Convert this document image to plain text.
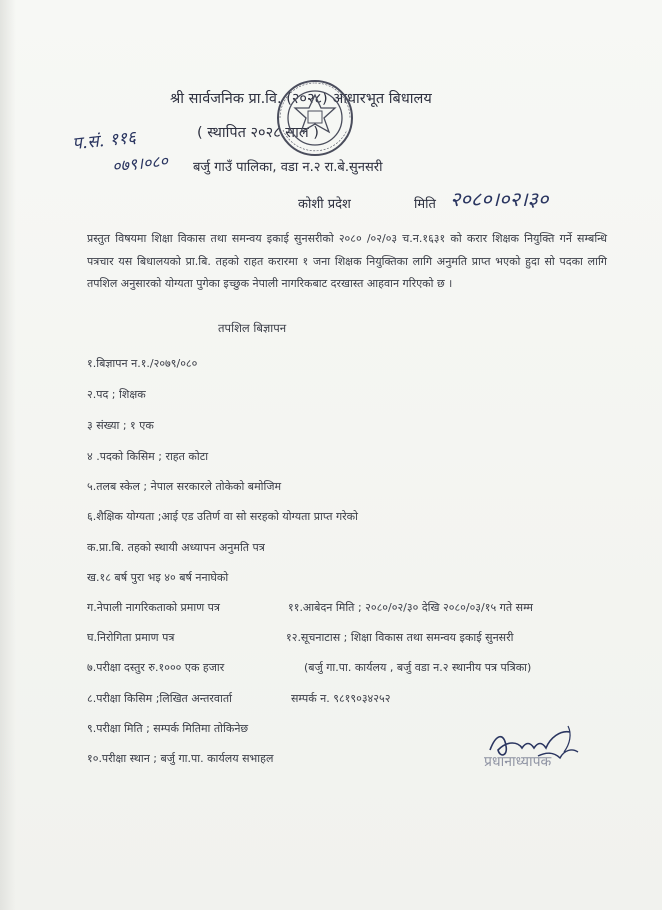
श्री सार्वजनिक प्रा.वि. (२०२८) आधारभूत बिधालय
( स्थापित २०२८ साल )
बर्जु गाउँ पालिका, वडा न.२ रा.बे.सुनसरी
कोशी प्रदेश	मिति २०८०।०२।३०
प.सं. ११६
०७९।०८०
प्रस्तुत विषयमा शिक्षा विकास तथा समन्वय इकाई सुनसरीको २०८० /०२/०३ च.न.१६३१ को करार शिक्षक नियुक्ति गर्ने सम्बन्धि पत्रचार यस बिधालयको प्रा.बि. तहको राहत करारमा १ जना शिक्षक नियुक्तिका लागि अनुमति प्राप्त भएको हुदा सो पदका लागि तपशिल अनुसारको योग्यता पुगेका इच्छुक नेपाली नागरिकबाट दरखास्त आहवान गरिएको छ ।
तपशिल बिज्ञापन
१.बिज्ञापन न.१./२०७९/०८०
२.पद ; शिक्षक
३ संख्या ; १ एक
४ .पदको किसिम ; राहत कोटा
५.तलब स्केल ; नेपाल सरकारले तोकेको बमोजिम
६.शैक्षिक योग्यता ;आई एड उतिर्ण वा सो सरहको योग्यता प्राप्त गरेको
क.प्रा.बि. तहको स्थायी अध्यापन अनुमति पत्र
ख.१८ बर्ष पुरा भइ ४० बर्ष ननाघेको
ग.नेपाली नागरिकताको प्रमाण पत्र
घ.निरोगिता प्रमाण पत्र
७.परीक्षा दस्तुर रु.१००० एक हजार
८.परीक्षा किसिम ;लिखित अन्तरवार्ता
९.परीक्षा मिति ; सम्पर्क मितिमा तोकिनेछ
१०.परीक्षा स्थान ; बर्जु गा.पा. कार्यलय सभाहल
११.आबेदन मिति ; २०८०/०२/३० देखि २०८०/०३/१५ गते सम्म
१२.सूचनाटास ; शिक्षा विकास तथा समन्वय इकाई सुनसरी
(बर्जु गा.पा. कार्यलय , बर्जु वडा न.२ स्थानीय पत्र पत्रिका)
सम्पर्क न. ९८१९०३४२५२
प्रधानाध्यापक
